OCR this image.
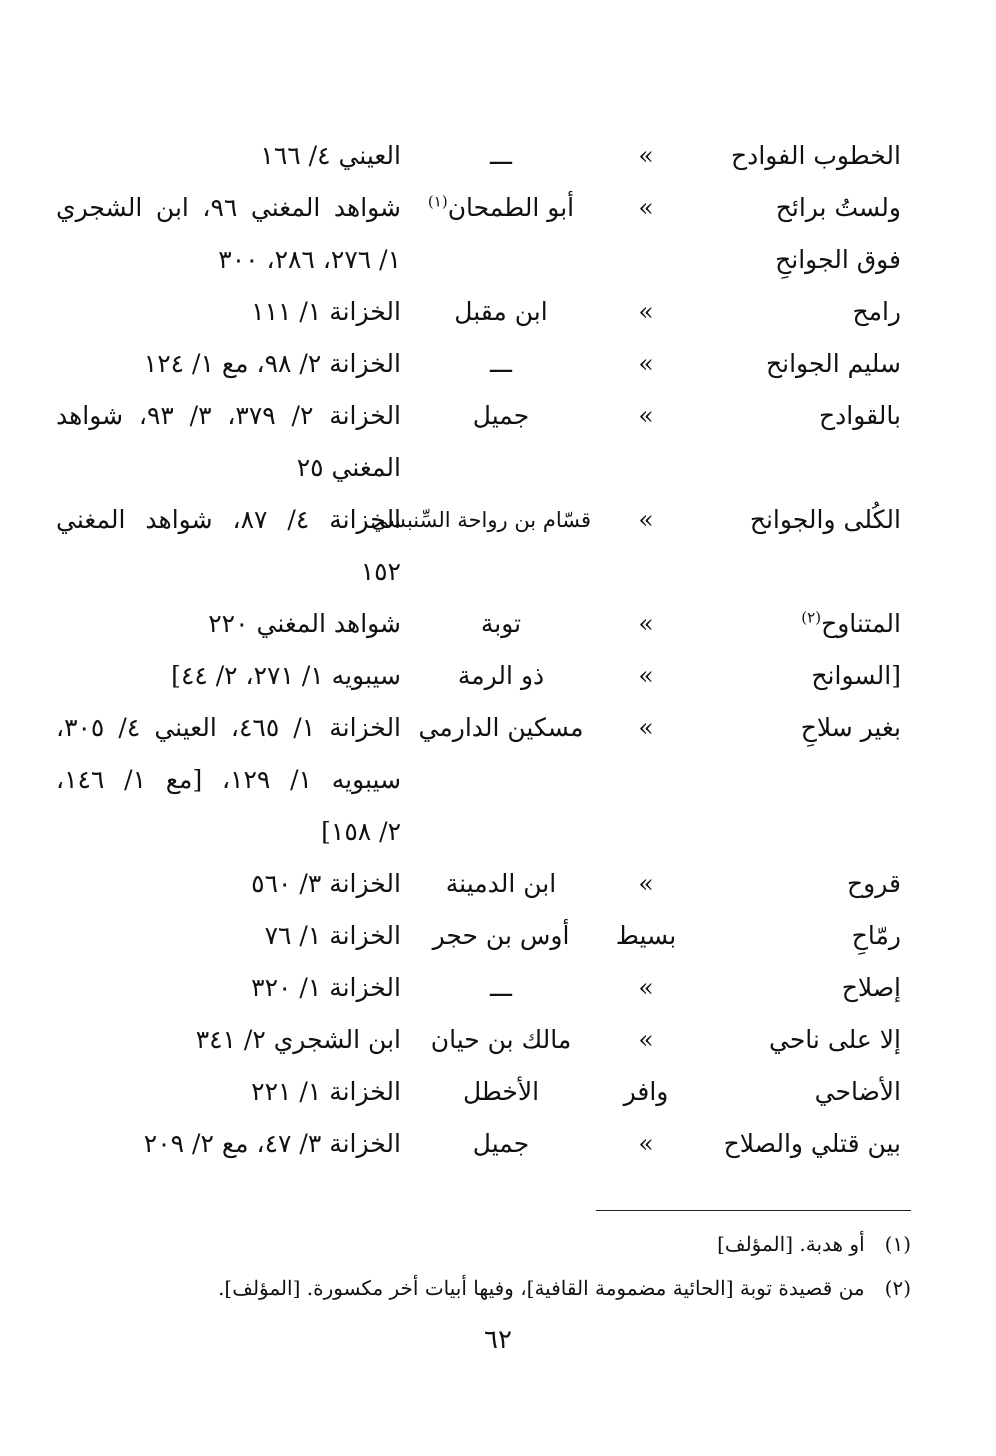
الخطوب الفوادح
»
ـــ
العيني ٤/ ١٦٦
ولستُ برائح
»
أبو الطمحان$^{(١)}$
شواهد المغني ٩٦، ابن الشجري
فوق الجوانحِ
١/ ٢٧٦، ٢٨٦، ٣٠٠
رامح
»
ابن مقبل
الخزانة ١/ ١١١
سليم الجوانح
»
ـــ
الخزانة ٢/ ٩٨، مع ١/ ١٢٤
بالقوادح
»
جميل
الخزانة ٢/ ٣٧٩، ٣/ ٩٣، شواهد
المغني ٢٥
الكُلى والجوانح
»
قسّام بن رواحة السِّنبسي
الخزانة ٤/ ٨٧، شواهد المغني
١٥٢
المتناوح$^{(٢)}$
»
توبة
شواهد المغني ٢٢٠
[السوانح
»
ذو الرمة
سيبويه ١/ ٢٧١، ٢/ ٤٤]
بغير سلاحِ
»
مسكين الدارمي
الخزانة ١/ ٤٦٥، العيني ٤/ ٣٠٥،
سيبويه ١/ ١٢٩، [مع ١/ ١٤٦،
٢/ ١٥٨]
قروح
»
ابن الدمينة
الخزانة ٣/ ٥٦٠
رمّاحِ
بسيط
أوس بن حجر
الخزانة ١/ ٧٦
إصلاح
»
ـــ
الخزانة ١/ ٣٢٠
إلا على ناحي
»
مالك بن حيان
ابن الشجري ٢/ ٣٤١
الأضاحي
وافر
الأخطل
الخزانة ١/ ٢٢١
بين قتلي والصلاح
»
جميل
الخزانة ٣/ ٤٧، مع ٢/ ٢٠٩
(١) أو هدبة. [المؤلف]
(٢) من قصيدة توبة [الحائية مضمومة القافية]، وفيها أبيات أخر مكسورة. [المؤلف].
٦٢
